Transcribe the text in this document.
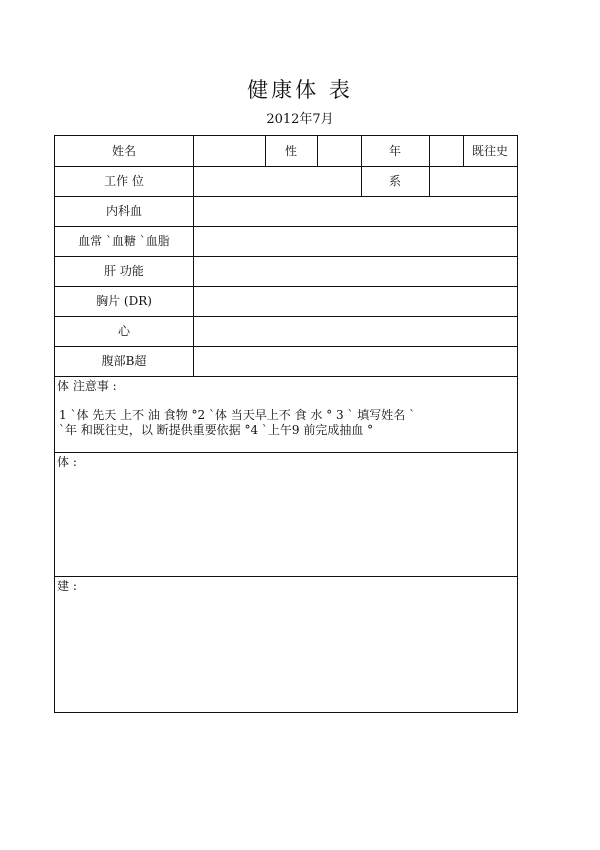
健康体 表
2012年7月
姓名	性	年	既往史
工作 位	系
内科血
血常 `血糖 `血脂
肝 功能
胸片 (DR)
心
腹部B超
体 注意事 :
1 `体 先天 上不 油 食物 °2 `体 当天早上不 食 水 ° 3 ` 填写姓名 `
`年 和既往史，以 断提供重要依据 °4 `上午9 前完成抽血 °
体 :
建 :
